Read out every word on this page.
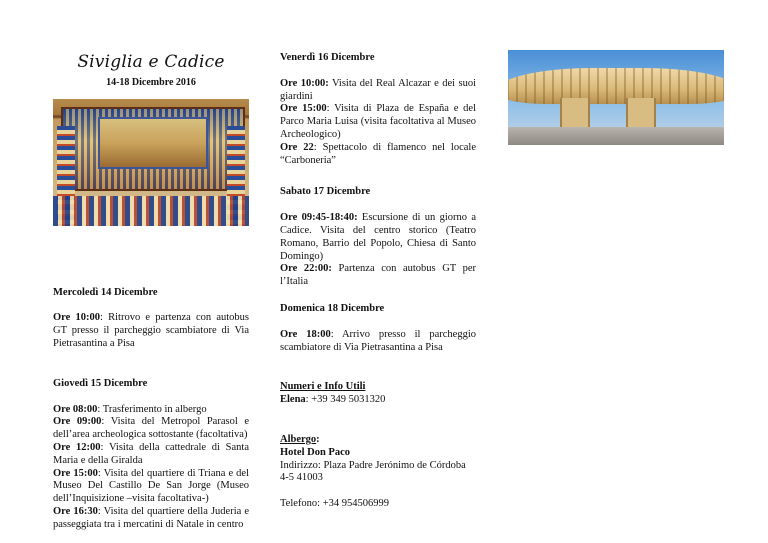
Siviglia e Cadice
14-18 Dicembre 2016

Mercoledì 14 Dicembre

Ore 10:00: Ritrovo e partenza con autobus GT presso il parcheggio scambiatore di Via Pietrasantina a Pisa

Giovedì 15 Dicembre

Ore 08:00: Trasferimento in albergo

Ore 09:00: Visita del Metropol Parasol e dell’area archeologica sottostante (facoltativa)

Ore 12:00: Visita della cattedrale di Santa Maria e della Giralda

Ore 15:00: Visita del quartiere di Triana e del Museo Del Castillo De San Jorge (Museo dell’Inquisizione –visita facoltativa-)

Ore 16:30: Visita del quartiere della Juderia e passeggiata tra i mercatini di Natale in centro

Venerdì 16 Dicembre

Ore 10:00: Visita del Real Alcazar e dei suoi giardini

Ore 15:00: Visita di Plaza de España e del Parco Maria Luisa (visita facoltativa al Museo Archeologico)

Ore 22: Spettacolo di flamenco nel locale “Carboneria”

Sabato 17 Dicembre

Ore 09:45-18:40: Escursione di un giorno a Cadice. Visita del centro storico (Teatro Romano, Barrio del Popolo, Chiesa di Santo Domingo)

Ore 22:00: Partenza con autobus GT per l’Italia

Domenica 18 Dicembre

Ore 18:00: Arrivo presso il parcheggio scambiatore di Via Pietrasantina a Pisa

Numeri e Info Utili

Elena: +39 349 5031320

Albergo:

Hotel Don Paco

Indirizzo: Plaza Padre Jerónimo de Córdoba 4-5 41003

Telefono: +34 954506999
